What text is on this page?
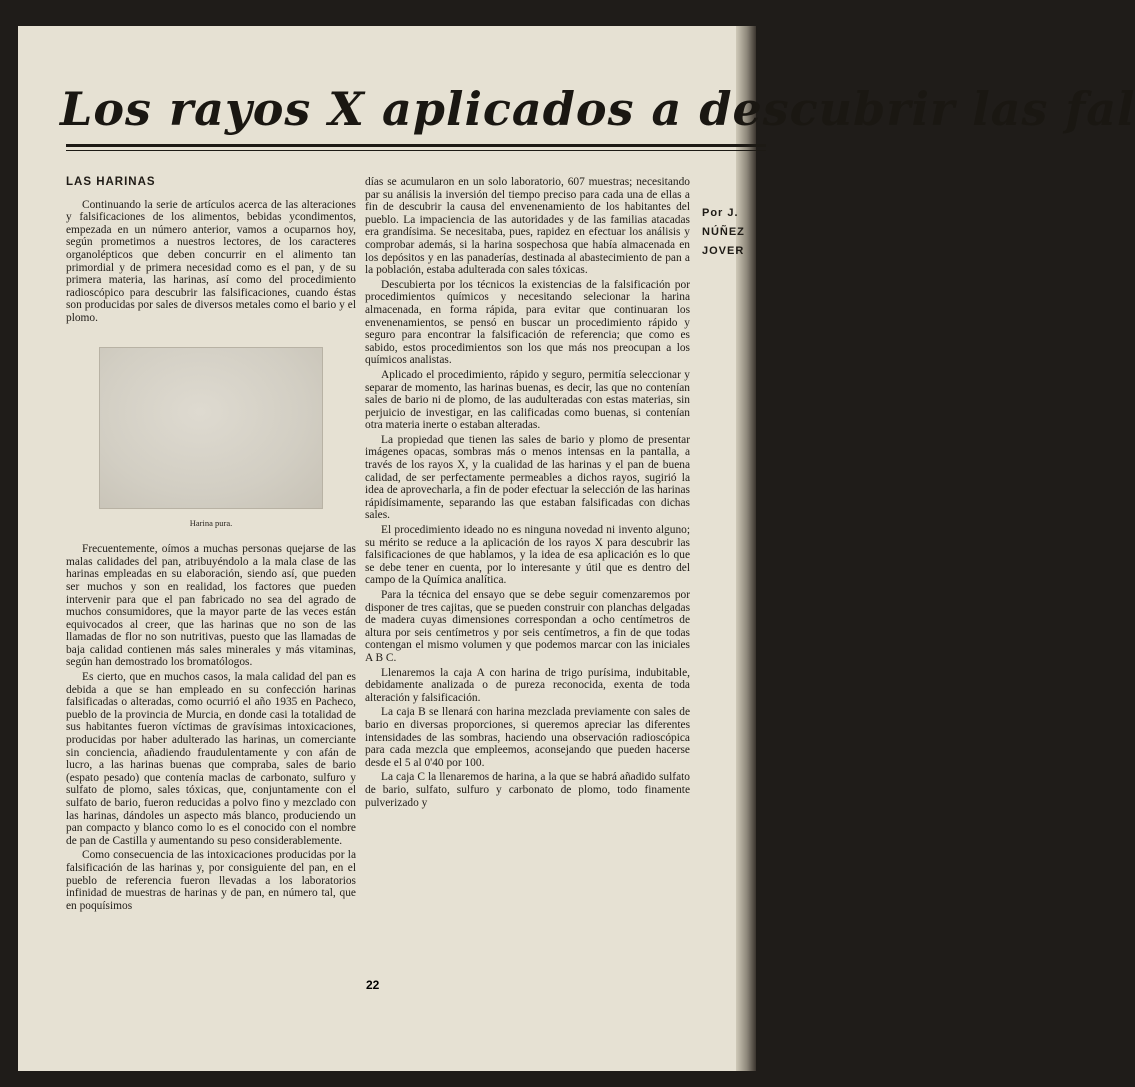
Los rayos X aplicados a descubrir las fal
Por J.
NÚÑEZ
JOVER
LAS HARINAS

Continuando la serie de artículos acerca de las alteraciones y falsificaciones de los alimentos, bebidas ycondimentos, empezada en un número anterior, vamos a ocuparnos hoy, según prometimos a nuestros lectores, de los caracteres organolépticos que deben concurrir en el alimento tan primordial y de primera necesidad como es el pan, y de su primera materia, las harinas, así como del procedimiento radioscópico para descubrir las falsificaciones, cuando éstas son producidas por sales de diversos metales como el bario y el plomo.

Harina pura.

Frecuentemente, oímos a muchas personas quejarse de las malas calidades del pan, atribuyéndolo a la mala clase de las harinas empleadas en su elaboración, siendo así, que pueden ser muchos y son en realidad, los factores que pueden intervenir para que el pan fabricado no sea del agrado de muchos consumidores, que la mayor parte de las veces están equivocados al creer, que las harinas que no son de las llamadas de flor no son nutritivas, puesto que las llamadas de baja calidad contienen más sales minerales y más vitaminas, según han demostrado los bromatólogos.

Es cierto, que en muchos casos, la mala calidad del pan es debida a que se han empleado en su confección harinas falsificadas o alteradas, como ocurrió el año 1935 en Pacheco, pueblo de la provincia de Murcia, en donde casi la totalidad de sus habitantes fueron víctimas de gravísimas intoxicaciones, producidas por haber adulterado las harinas, un comerciante sin conciencia, añadiendo fraudulentamente y con afán de lucro, a las harinas buenas que compraba, sales de bario (espato pesado) que contenía maclas de carbonato, sulfuro y sulfato de plomo, sales tóxicas, que, conjuntamente con el sulfato de bario, fueron reducidas a polvo fino y mezclado con las harinas, dándoles un aspecto más blanco, produciendo un pan compacto y blanco como lo es el conocido con el nombre de pan de Castilla y aumentando su peso considerablemente.

Como consecuencia de las intoxicaciones producidas por la falsificación de las harinas y, por consiguiente del pan, en el pueblo de referencia fueron llevadas a los laboratorios infinidad de muestras de harinas y de pan, en número tal, que en poquísimos

días se acumularon en un solo laboratorio, 607 muestras; necesitando par su análisis la inversión del tiempo preciso para cada una de ellas a fin de descubrir la causa del envenenamiento de los habitantes del pueblo. La impaciencia de las autoridades y de las familias atacadas era grandísima. Se necesitaba, pues, rapidez en efectuar los análisis y comprobar además, si la harina sospechosa que había almacenada en los depósitos y en las panaderías, destinada al abastecimiento de pan a la población, estaba adulterada con sales tóxicas.

Descubierta por los técnicos la existencias de la falsificación por procedimientos químicos y necesitando selecionar la harina almacenada, en forma rápida, para evitar que continuaran los envenenamientos, se pensó en buscar un procedimiento rápido y seguro para encontrar la falsificación de referencia; que como es sabido, estos procedimientos son los que más nos preocupan a los químicos analistas.

Aplicado el procedimiento, rápido y seguro, permitía seleccionar y separar de momento, las harinas buenas, es decir, las que no contenían sales de bario ni de plomo, de las audulteradas con estas materias, sin perjuicio de investigar, en las calificadas como buenas, si contenían otra materia inerte o estaban alteradas.

La propiedad que tienen las sales de bario y plomo de presentar imágenes opacas, sombras más o menos intensas en la pantalla, a través de los rayos X, y la cualidad de las harinas y el pan de buena calidad, de ser perfectamente permeables a dichos rayos, sugirió la idea de aprovecharla, a fin de poder efectuar la selección de las harinas rápidísimamente, separando las que estaban falsificadas con dichas sales.

El procedimiento ideado no es ninguna novedad ni invento alguno; su mérito se reduce a la aplicación de los rayos X para descubrir las falsificaciones de que hablamos, y la idea de esa aplicación es lo que se debe tener en cuenta, por lo interesante y útil que es dentro del campo de la Química analítica.

Para la técnica del ensayo que se debe seguir comenzaremos por disponer de tres cajitas, que se pueden construir con planchas delgadas de madera cuyas dimensiones correspondan a ocho centímetros de altura por seis centímetros y por seis centímetros, a fin de que todas contengan el mismo volumen y que podemos marcar con las iniciales A B C.

Llenaremos la caja A con harina de trigo purísima, indubitable, debidamente analizada o de pureza reconocida, exenta de toda alteración y falsificación.

La caja B se llenará con harina mezclada previamente con sales de bario en diversas proporciones, si queremos apreciar las diferentes intensidades de las sombras, haciendo una observación radioscópica para cada mezcla que empleemos, aconsejando que pueden hacerse desde el 5 al 0'40 por 100.

La caja C la llenaremos de harina, a la que se habrá añadido sulfato de bario, sulfato, sulfuro y carbonato de plomo, todo finamente pulverizado y

22
